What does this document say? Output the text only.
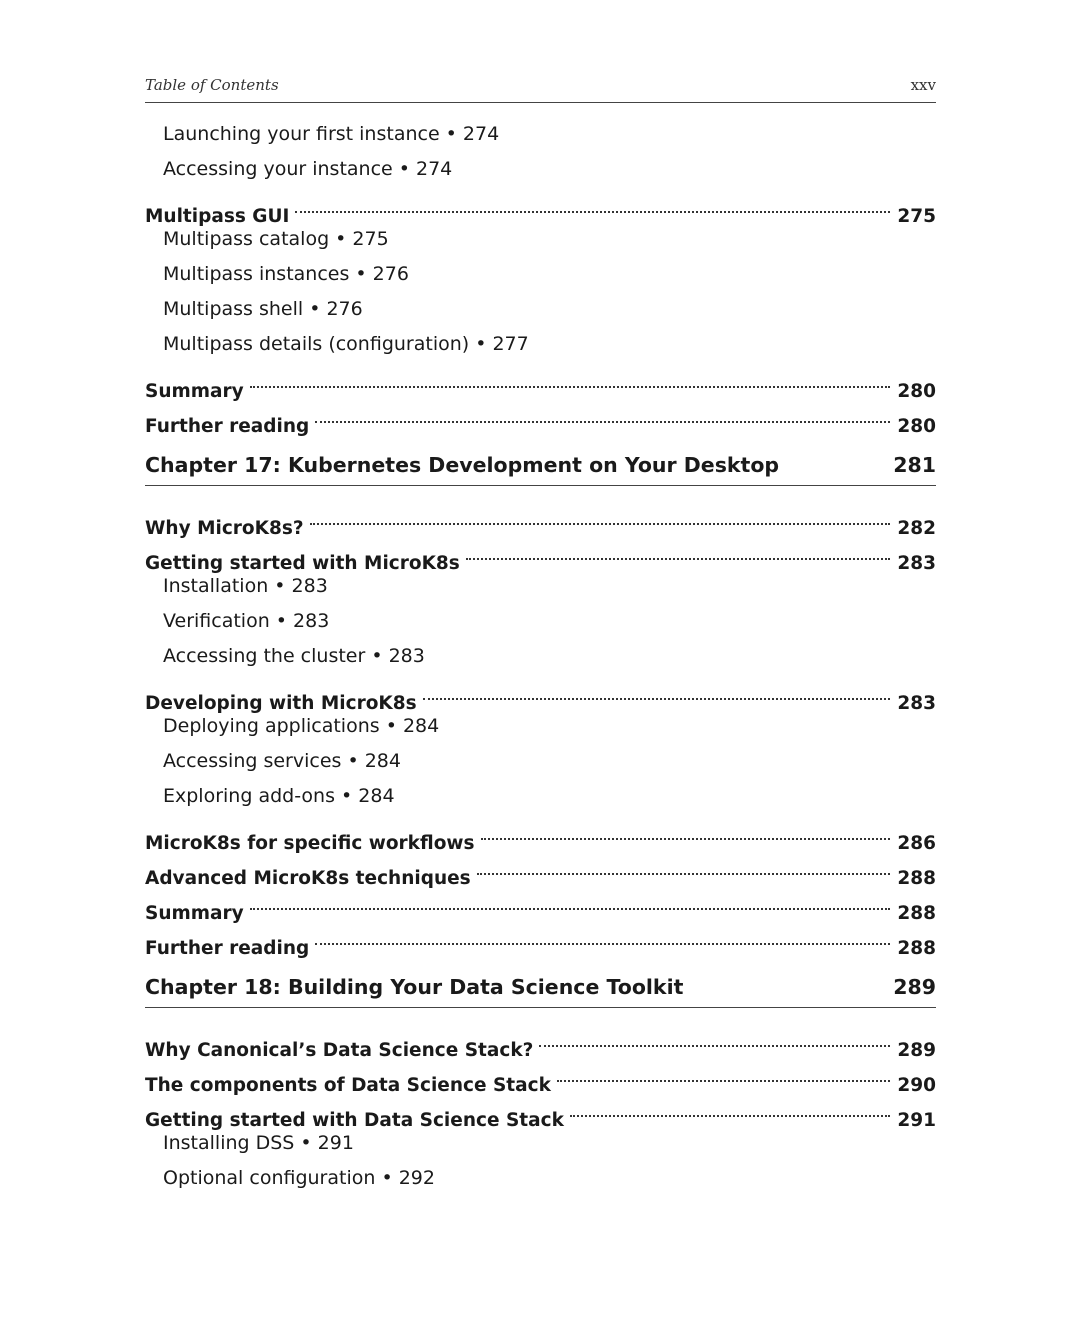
Table of Contents	xxv
Launching your first instance • 274
Accessing your instance • 274
Multipass GUI	275
Multipass catalog • 275
Multipass instances • 276
Multipass shell • 276
Multipass details (configuration) • 277
Summary	280
Further reading	280
Chapter 17: Kubernetes Development on Your Desktop	281
Why MicroK8s?	282
Getting started with MicroK8s	283
Installation • 283
Verification • 283
Accessing the cluster • 283
Developing with MicroK8s	283
Deploying applications • 284
Accessing services • 284
Exploring add-ons • 284
MicroK8s for specific workflows	286
Advanced MicroK8s techniques	288
Summary	288
Further reading	288
Chapter 18: Building Your Data Science Toolkit	289
Why Canonical’s Data Science Stack?	289
The components of Data Science Stack	290
Getting started with Data Science Stack	291
Installing DSS • 291
Optional configuration • 292
